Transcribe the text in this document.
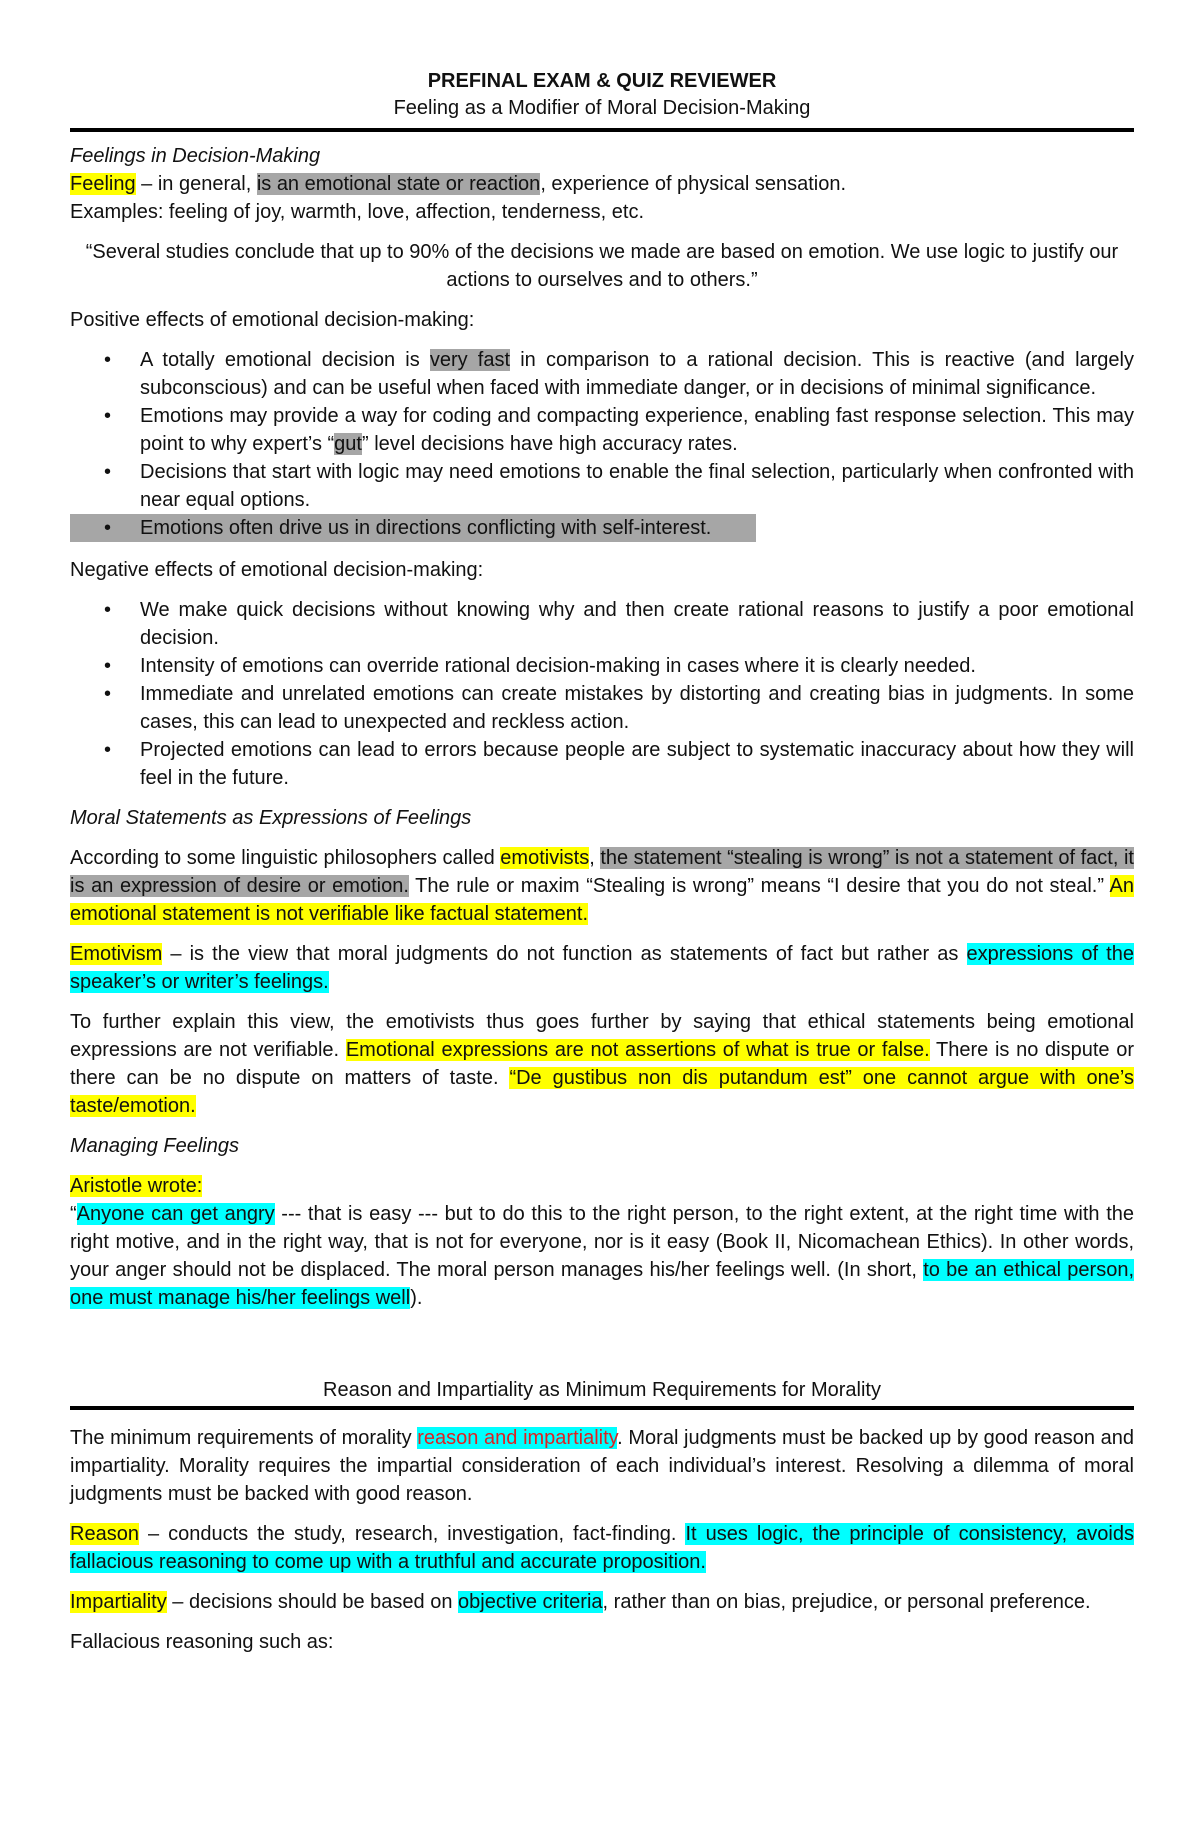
PREFINAL EXAM & QUIZ REVIEWER
Feeling as a Modifier of Moral Decision-Making

Feelings in Decision-Making

Feeling – in general, is an emotional state or reaction, experience of physical sensation.

Examples: feeling of joy, warmth, love, affection, tenderness, etc.

“Several studies conclude that up to 90% of the decisions we made are based on emotion. We use logic to justify our actions to ourselves and to others.”

Positive effects of emotional decision-making:

• A totally emotional decision is very fast in comparison to a rational decision. This is reactive (and largely subconscious) and can be useful when faced with immediate danger, or in decisions of minimal significance.
• Emotions may provide a way for coding and compacting experience, enabling fast response selection. This may point to why expert’s “gut” level decisions have high accuracy rates.
• Decisions that start with logic may need emotions to enable the final selection, particularly when confronted with near equal options.
• Emotions often drive us in directions conflicting with self-interest.

Negative effects of emotional decision-making:

• We make quick decisions without knowing why and then create rational reasons to justify a poor emotional decision.
• Intensity of emotions can override rational decision-making in cases where it is clearly needed.
• Immediate and unrelated emotions can create mistakes by distorting and creating bias in judgments. In some cases, this can lead to unexpected and reckless action.
• Projected emotions can lead to errors because people are subject to systematic inaccuracy about how they will feel in the future.

Moral Statements as Expressions of Feelings

According to some linguistic philosophers called emotivists, the statement “stealing is wrong” is not a statement of fact, it is an expression of desire or emotion. The rule or maxim “Stealing is wrong” means “I desire that you do not steal.” An emotional statement is not verifiable like factual statement.

Emotivism – is the view that moral judgments do not function as statements of fact but rather as expressions of the speaker’s or writer’s feelings.

To further explain this view, the emotivists thus goes further by saying that ethical statements being emotional expressions are not verifiable. Emotional expressions are not assertions of what is true or false. There is no dispute or there can be no dispute on matters of taste. “De gustibus non dis putandum est” one cannot argue with one’s taste/emotion.

Managing Feelings

Aristotle wrote:

“Anyone can get angry --- that is easy --- but to do this to the right person, to the right extent, at the right time with the right motive, and in the right way, that is not for everyone, nor is it easy (Book II, Nicomachean Ethics). In other words, your anger should not be displaced. The moral person manages his/her feelings well. (In short, to be an ethical person, one must manage his/her feelings well).

Reason and Impartiality as Minimum Requirements for Morality

The minimum requirements of morality reason and impartiality. Moral judgments must be backed up by good reason and impartiality. Morality requires the impartial consideration of each individual’s interest. Resolving a dilemma of moral judgments must be backed with good reason.

Reason – conducts the study, research, investigation, fact-finding. It uses logic, the principle of consistency, avoids fallacious reasoning to come up with a truthful and accurate proposition.

Impartiality – decisions should be based on objective criteria, rather than on bias, prejudice, or personal preference.

Fallacious reasoning such as:
